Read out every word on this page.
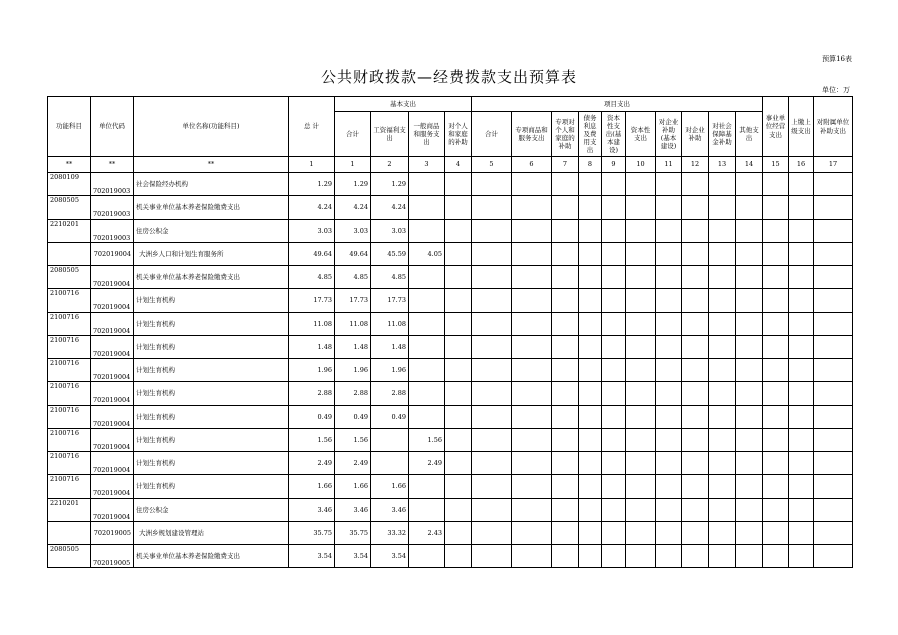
预算16表
公共财政拨款—经费拨款支出预算表
单位：万
功能科目	单位代码	单位名称(功能科目)	总 计	基本支出				项目支出										事业单位经营支出	上缴上级支出	对附属单位补助支出
				合计	工资福利支出	一般商品和服务支出	对个人和家庭的补助	合计	专项商品和服务支出	专项对个人和家庭的补助	债务利息及费用支出	资本性支出(基本建设)	资本性支出	对企业补助(基本建设)	对企业补助	对社会保障基金补助	其他支出			
**	**	**	1	1	2	3	4	5	6	7	8	9	10	11	12	13	14	15	16	17
2080109	702019003	社会保险经办机构	1.29	1.29	1.29															
2080505	702019003	机关事业单位基本养老保险缴费支出	4.24	4.24	4.24															
2210201	702019003	住房公积金	3.03	3.03	3.03															
	702019004	大洲乡人口和计划生育服务所	49.64	49.64	45.59	4.05														
2080505	702019004	机关事业单位基本养老保险缴费支出	4.85	4.85	4.85															
2100716	702019004	计划生育机构	17.73	17.73	17.73															
2100716	702019004	计划生育机构	11.08	11.08	11.08															
2100716	702019004	计划生育机构	1.48	1.48	1.48															
2100716	702019004	计划生育机构	1.96	1.96	1.96															
2100716	702019004	计划生育机构	2.88	2.88	2.88															
2100716	702019004	计划生育机构	0.49	0.49	0.49															
2100716	702019004	计划生育机构	1.56	1.56		1.56														
2100716	702019004	计划生育机构	2.49	2.49		2.49														
2100716	702019004	计划生育机构	1.66	1.66	1.66															
2210201	702019004	住房公积金	3.46	3.46	3.46															
	702019005	大洲乡规划建设管理站	35.75	35.75	33.32	2.43														
2080505	702019005	机关事业单位基本养老保险缴费支出	3.54	3.54	3.54															
